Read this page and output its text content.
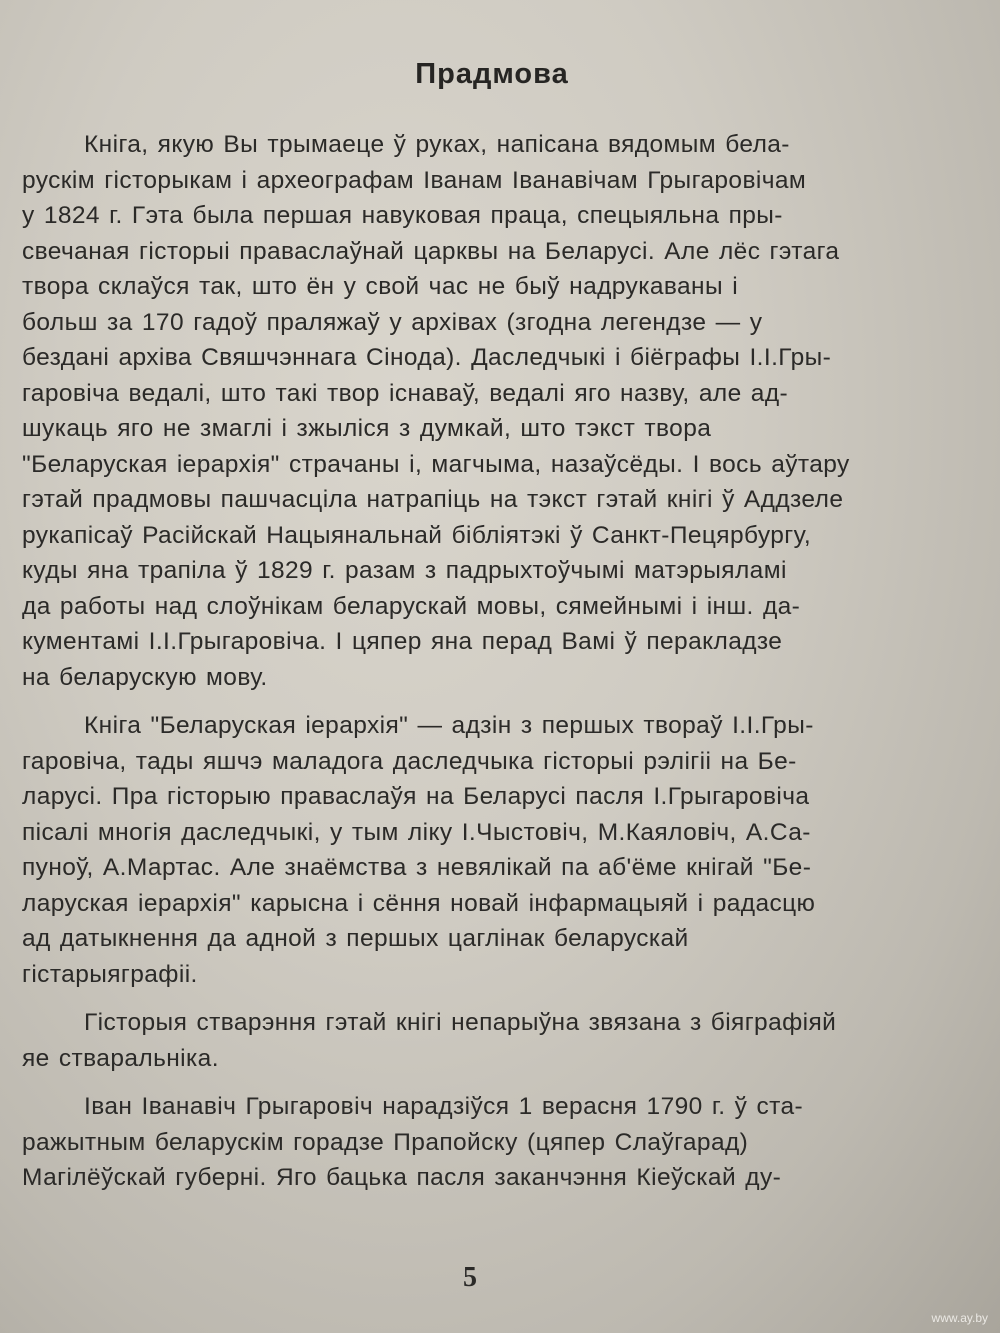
Прадмова

Кніга, якую Вы трымаеце ў руках, напісана вядомым бела-
рускім гісторыкам і археографам Іванам Іванавічам Грыгаровічам
у 1824 г. Гэта была першая навуковая праца, спецыяльна пры-
свечаная гісторыі праваслаўнай царквы на Беларусі. Але лёс гэтага
твора склаўся так, што ён у свой час не быў надрукаваны і
больш за 170 гадоў праляжаў у архівах (згодна легендзе — у
бездані архіва Свяшчэннага Сінода). Даследчыкі і біёграфы І.І.Гры-
гаровіча ведалі, што такі твор існаваў, ведалі яго назву, але ад-
шукаць яго не змаглі і зжыліся з думкай, што тэкст твора
"Беларуская іерархія" страчаны і, магчыма, назаўсёды. І вось аўтару
гэтай прадмовы пашчасціла натрапіць на тэкст гэтай кнігі ў Аддзеле
рукапісаў Расійскай Нацыянальнай бібліятэкі ў Санкт-Пецярбургу,
куды яна трапіла ў 1829 г. разам з падрыхтоўчымі матэрыяламі
да работы над слоўнікам беларускай мовы, сямейнымі і інш. да-
кументамі І.І.Грыгаровіча. І цяпер яна перад Вамі ў перакладзе
на беларускую мову.

Кніга "Беларуская іерархія" — адзін з першых твораў І.І.Гры-
гаровіча, тады яшчэ маладога даследчыка гісторыі рэлігіі на Бе-
ларусі. Пра гісторыю праваслаўя на Беларусі пасля І.Грыгаровіча
пісалі многія даследчыкі, у тым ліку І.Чыстовіч, М.Каяловіч, А.Са-
пуноў, А.Мартас. Але знаёмства з невялікай па аб'ёме кнігай "Бе-
ларуская іерархія" карысна і сёння новай інфармацыяй і радасцю
ад датыкнення да адной з першых цаглінак беларускай
гістарыяграфіі.

Гісторыя стварэння гэтай кнігі непарыўна звязана з біяграфіяй
яе стваральніка.

Іван Іванавіч Грыгаровіч нарадзіўся 1 верасня 1790 г. ў ста-
ражытным беларускім горадзе Прапойску (цяпер Слаўгарад)
Магілёўскай губерні. Яго бацька пасля заканчэння Кіеўскай ду-

5
www.ay.by
